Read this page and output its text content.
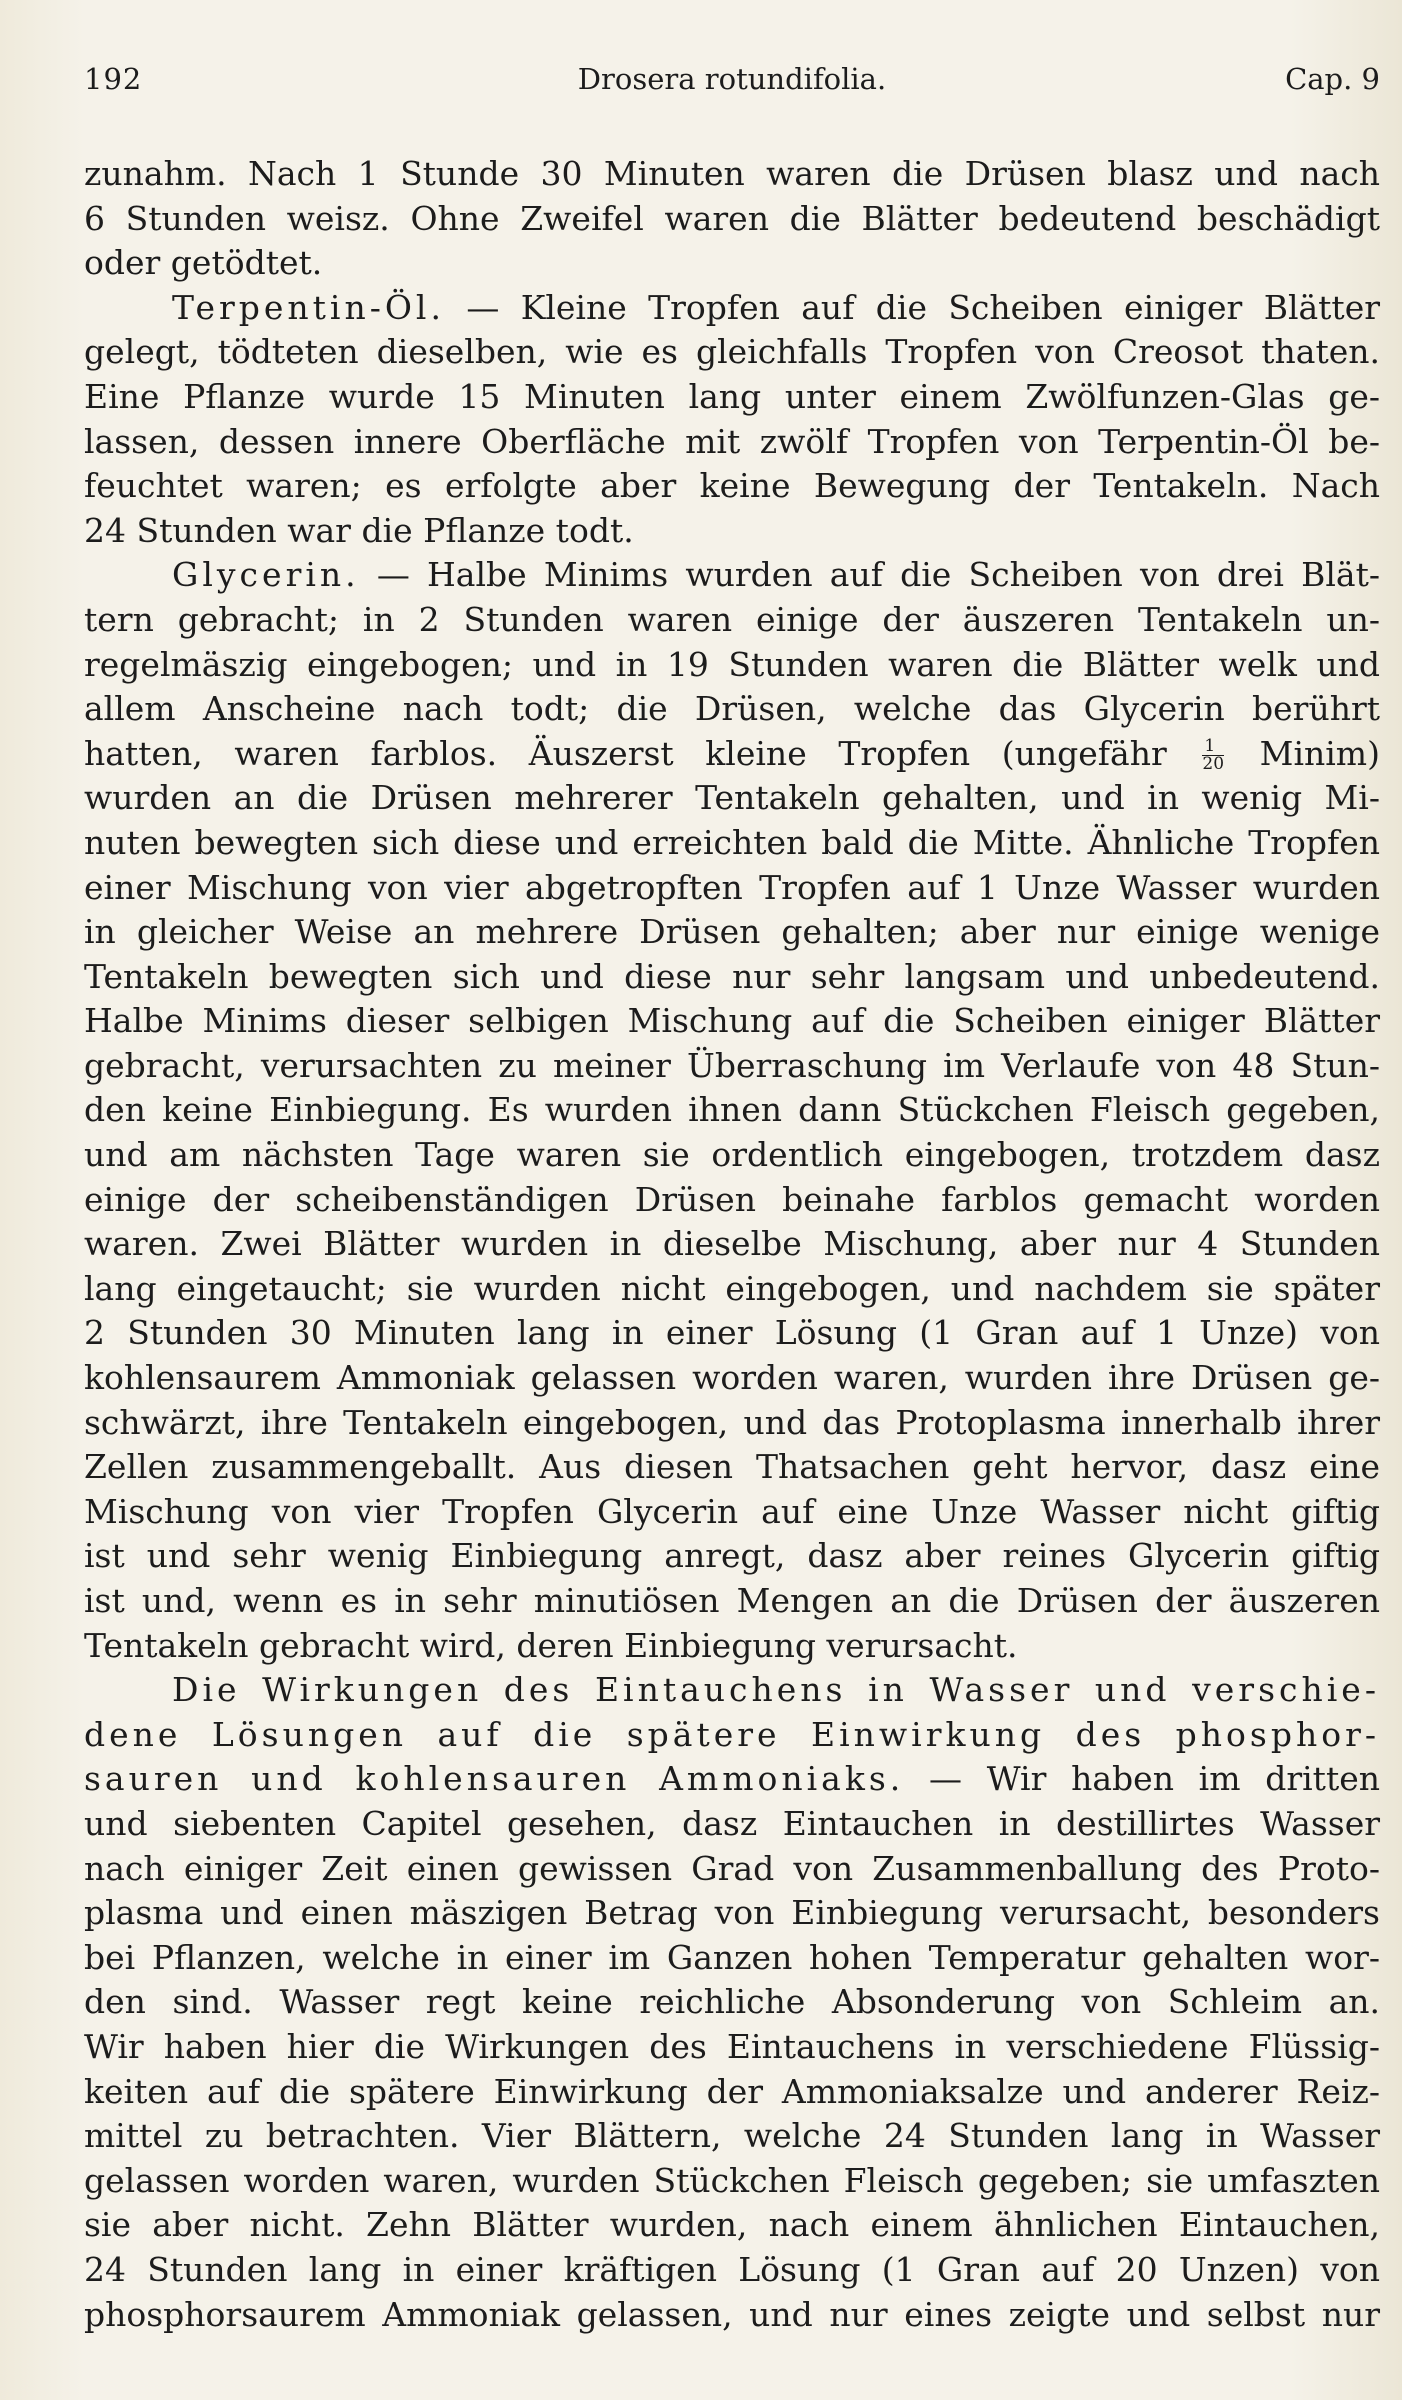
192	Drosera rotundifolia.	Cap. 9
zunahm. Nach 1 Stunde 30 Minuten waren die Drüsen blasz und nach
6 Stunden weisz. Ohne Zweifel waren die Blätter bedeutend beschädigt
oder getödtet.
Terpentin-Öl. — Kleine Tropfen auf die Scheiben einiger Blätter
gelegt, tödteten dieselben, wie es gleichfalls Tropfen von Creosot thaten.
Eine Pflanze wurde 15 Minuten lang unter einem Zwölfunzen-Glas ge-
lassen, dessen innere Oberfläche mit zwölf Tropfen von Terpentin-Öl be-
feuchtet waren; es erfolgte aber keine Bewegung der Tentakeln. Nach
24 Stunden war die Pflanze todt.
Glycerin. — Halbe Minims wurden auf die Scheiben von drei Blät-
tern gebracht; in 2 Stunden waren einige der äuszeren Tentakeln un-
regelmäszig eingebogen; und in 19 Stunden waren die Blätter welk und
allem Anscheine nach todt; die Drüsen, welche das Glycerin berührt
hatten, waren farblos. Äuszerst kleine Tropfen (ungefähr $\frac{1}{20}$ Minim)
wurden an die Drüsen mehrerer Tentakeln gehalten, und in wenig Mi-
nuten bewegten sich diese und erreichten bald die Mitte. Ähnliche Tropfen
einer Mischung von vier abgetropften Tropfen auf 1 Unze Wasser wurden
in gleicher Weise an mehrere Drüsen gehalten; aber nur einige wenige
Tentakeln bewegten sich und diese nur sehr langsam und unbedeutend.
Halbe Minims dieser selbigen Mischung auf die Scheiben einiger Blätter
gebracht, verursachten zu meiner Überraschung im Verlaufe von 48 Stun-
den keine Einbiegung. Es wurden ihnen dann Stückchen Fleisch gegeben,
und am nächsten Tage waren sie ordentlich eingebogen, trotzdem dasz
einige der scheibenständigen Drüsen beinahe farblos gemacht worden
waren. Zwei Blätter wurden in dieselbe Mischung, aber nur 4 Stunden
lang eingetaucht; sie wurden nicht eingebogen, und nachdem sie später
2 Stunden 30 Minuten lang in einer Lösung (1 Gran auf 1 Unze) von
kohlensaurem Ammoniak gelassen worden waren, wurden ihre Drüsen ge-
schwärzt, ihre Tentakeln eingebogen, und das Protoplasma innerhalb ihrer
Zellen zusammengeballt. Aus diesen Thatsachen geht hervor, dasz eine
Mischung von vier Tropfen Glycerin auf eine Unze Wasser nicht giftig
ist und sehr wenig Einbiegung anregt, dasz aber reines Glycerin giftig
ist und, wenn es in sehr minutiösen Mengen an die Drüsen der äuszeren
Tentakeln gebracht wird, deren Einbiegung verursacht.
Die Wirkungen des Eintauchens in Wasser und verschie-
dene Lösungen auf die spätere Einwirkung des phosphor-
sauren und kohlensauren Ammoniaks. — Wir haben im dritten
und siebenten Capitel gesehen, dasz Eintauchen in destillirtes Wasser
nach einiger Zeit einen gewissen Grad von Zusammenballung des Proto-
plasma und einen mäszigen Betrag von Einbiegung verursacht, besonders
bei Pflanzen, welche in einer im Ganzen hohen Temperatur gehalten wor-
den sind. Wasser regt keine reichliche Absonderung von Schleim an.
Wir haben hier die Wirkungen des Eintauchens in verschiedene Flüssig-
keiten auf die spätere Einwirkung der Ammoniaksalze und anderer Reiz-
mittel zu betrachten. Vier Blättern, welche 24 Stunden lang in Wasser
gelassen worden waren, wurden Stückchen Fleisch gegeben; sie umfaszten
sie aber nicht. Zehn Blätter wurden, nach einem ähnlichen Eintauchen,
24 Stunden lang in einer kräftigen Lösung (1 Gran auf 20 Unzen) von
phosphorsaurem Ammoniak gelassen, und nur eines zeigte und selbst nur
